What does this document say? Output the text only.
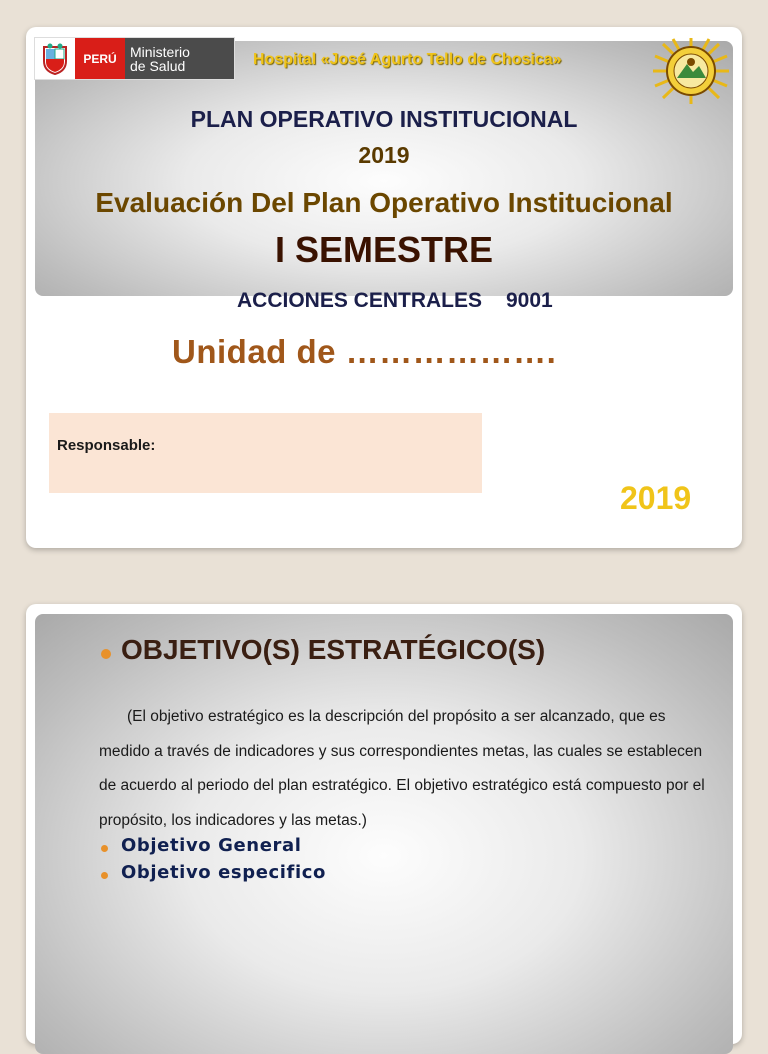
PERÚ Ministerio
de Salud	Hospital «José Agurto Tello de Chosica»
PLAN OPERATIVO INSTITUCIONAL
2019
Evaluación Del Plan Operativo Institucional
I SEMESTRE
ACCIONES CENTRALES 9001
Unidad de ……………….
Responsable:
2019
OBJETIVO(S) ESTRATÉGICO(S)
(El objetivo estratégico es la descripción del propósito a ser alcanzado, que es medido a través de indicadores y sus correspondientes metas, las cuales se establecen de acuerdo al periodo del plan estratégico. El objetivo estratégico está compuesto por el propósito, los indicadores y las metas.)
Objetivo General
Objetivo especifico
